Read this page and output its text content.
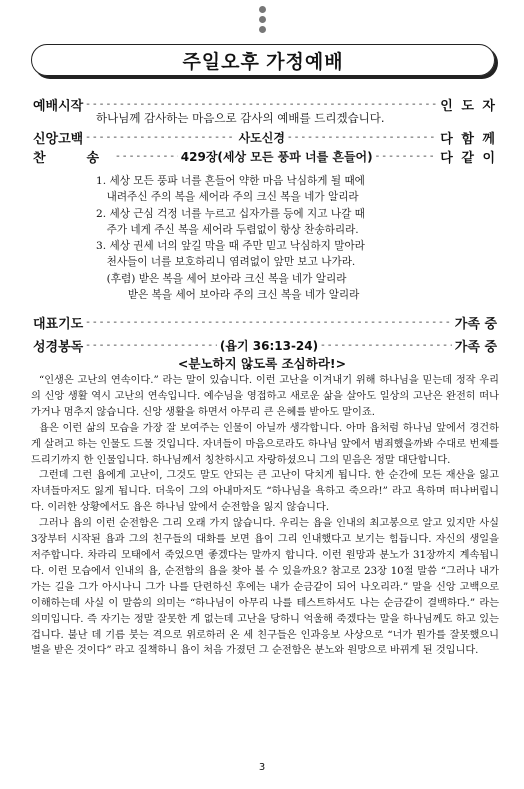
주일오후 가정예배
예배시작 - - -	인 도 자
하나님께 감사하는 마음으로 감사의 예배를 드리겠습니다.
신앙고백 - - -	사도신경 - - -	다 함 께
찬　송 - - -	429장(세상 모든 풍파 너를 흔들어) - - -	다 같 이
1. 세상 모든 풍파 너를 흔들어 약한 마음 낙심하게 될 때에
　내려주신 주의 복을 세어라 주의 크신 복을 네가 알리라
2. 세상 근심 걱정 너를 누르고 십자가를 등에 지고 나갈 때
　주가 네게 주신 복을 세어라 두렴없이 항상 찬송하리라.
3. 세상 권세 너의 앞길 막을 때 주만 믿고 낙심하지 말아라
　천사들이 너를 보호하리니 염려없이 앞만 보고 나가라.
　(후렴) 받은 복을 세어 보아라 크신 복을 네가 알리라
　　　받은 복을 세어 보아라 주의 크신 복을 네가 알리라
대표기도 - - -	가족 중
성경봉독 - - -	(욥기 36:13-24) - - -	가족 중
<분노하지 않도록 조심하라!>

“인생은 고난의 연속이다.” 라는 말이 있습니다. 이런 고난을 이겨내기 위해 하나님을 믿는데 정작 우리의 신앙 생활 역시 고난의 연속입니다. 예수님을 영접하고 새로운 삶을 살아도 일상의 고난은 완전히 떠나가거나 멈추지 않습니다. 신앙 생활을 하면서 아무리 큰 은혜를 받아도 말이죠.

욥은 이런 삶의 모습을 가장 잘 보여주는 인물이 아닐까 생각합니다. 아마 욥처럼 하나님 앞에서 경건하게 살려고 하는 인물도 드물 것입니다. 자녀들이 마음으로라도 하나님 앞에서 범죄했을까봐 수대로 번제를 드리기까지 한 인물입니다. 하나님께서 칭찬하시고 자랑하셨으니 그의 믿음은 정말 대단합니다.

그런데 그런 욥에게 고난이, 그것도 말도 안되는 큰 고난이 닥치게 됩니다. 한 순간에 모든 재산을 잃고 자녀들마저도 잃게 됩니다. 더욱이 그의 아내마저도 “하나님을 욕하고 죽으라!” 라고 욕하며 떠나버립니다. 이러한 상황에서도 욥은 하나님 앞에서 순전함을 잃지 않습니다.

그러나 욥의 이런 순전함은 그리 오래 가지 않습니다. 우리는 욥을 인내의 최고봉으로 알고 있지만 사실 3장부터 시작된 욥과 그의 친구들의 대화를 보면 욥이 그리 인내했다고 보기는 힘듭니다. 자신의 생일을 저주합니다. 차라리 모태에서 죽었으면 좋겠다는 말까지 합니다. 이런 원망과 분노가 31장까지 계속됩니다. 이런 모습에서 인내의 욥, 순전함의 욥을 찾아 볼 수 있을까요? 참고로 23장 10절 말씀 “그러나 내가 가는 길을 그가 아시나니 그가 나를 단련하신 후에는 내가 순금같이 되어 나오리라.” 말을 신앙 고백으로 이해하는데 사실 이 말씀의 의미는 “하나님이 아무리 나를 테스트하셔도 나는 순금같이 결백하다.” 라는 의미입니다. 즉 자기는 정말 잘못한 게 없는데 고난을 당하니 억울해 죽겠다는 말을 하나님께도 하고 있는 겁니다. 불난 데 기름 붓는 격으로 위로하러 온 세 친구들은 인과응보 사상으로 “너가 뭔가를 잘못했으니 벌을 받은 것이다” 라고 질책하니 욥이 처음 가졌던 그 순전함은 분노와 원망으로 바뀌게 된 것입니다.

3
